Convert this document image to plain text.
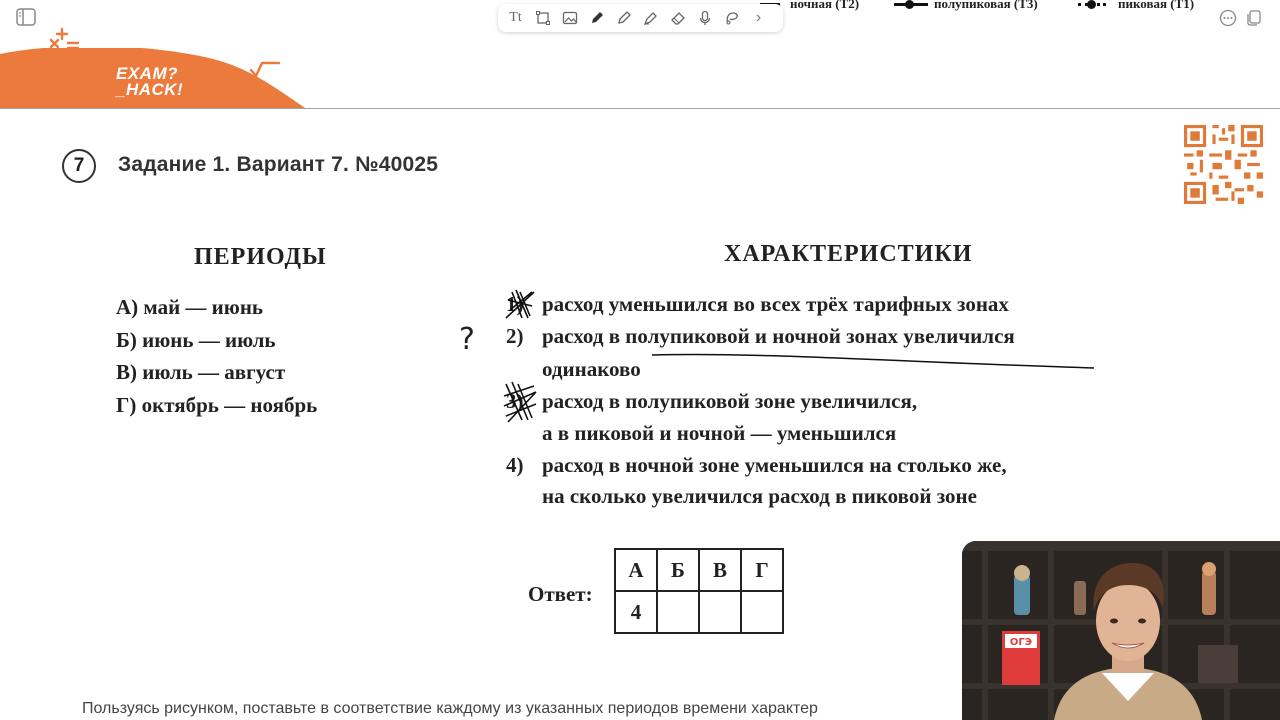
ночная (Т2)	полупиковая (Т3)	пиковая (Т1)
Tt	›
EXAM?
_HACK!
7	Задание 1. Вариант 7. №40025
ПЕРИОДЫ
А) май — июнь
Б) июнь — июль
В) июль — август
Г) октябрь — ноябрь
ХАРАКТЕРИСТИКИ
1) расход уменьшился во всех трёх тарифных зонах
2) расход в полупиковой и ночной зонах увеличился
одинаково
3) расход в полупиковой зоне увеличился,
а в пиковой и ночной — уменьшился
4) расход в ночной зоне уменьшился на столько же,
на сколько увеличился расход в пиковой зоне
Ответ:
А	Б	В	Г
4			
?
Пользуясь рисунком, поставьте в соответствие каждому из указанных периодов времени характер
ОГЭ
